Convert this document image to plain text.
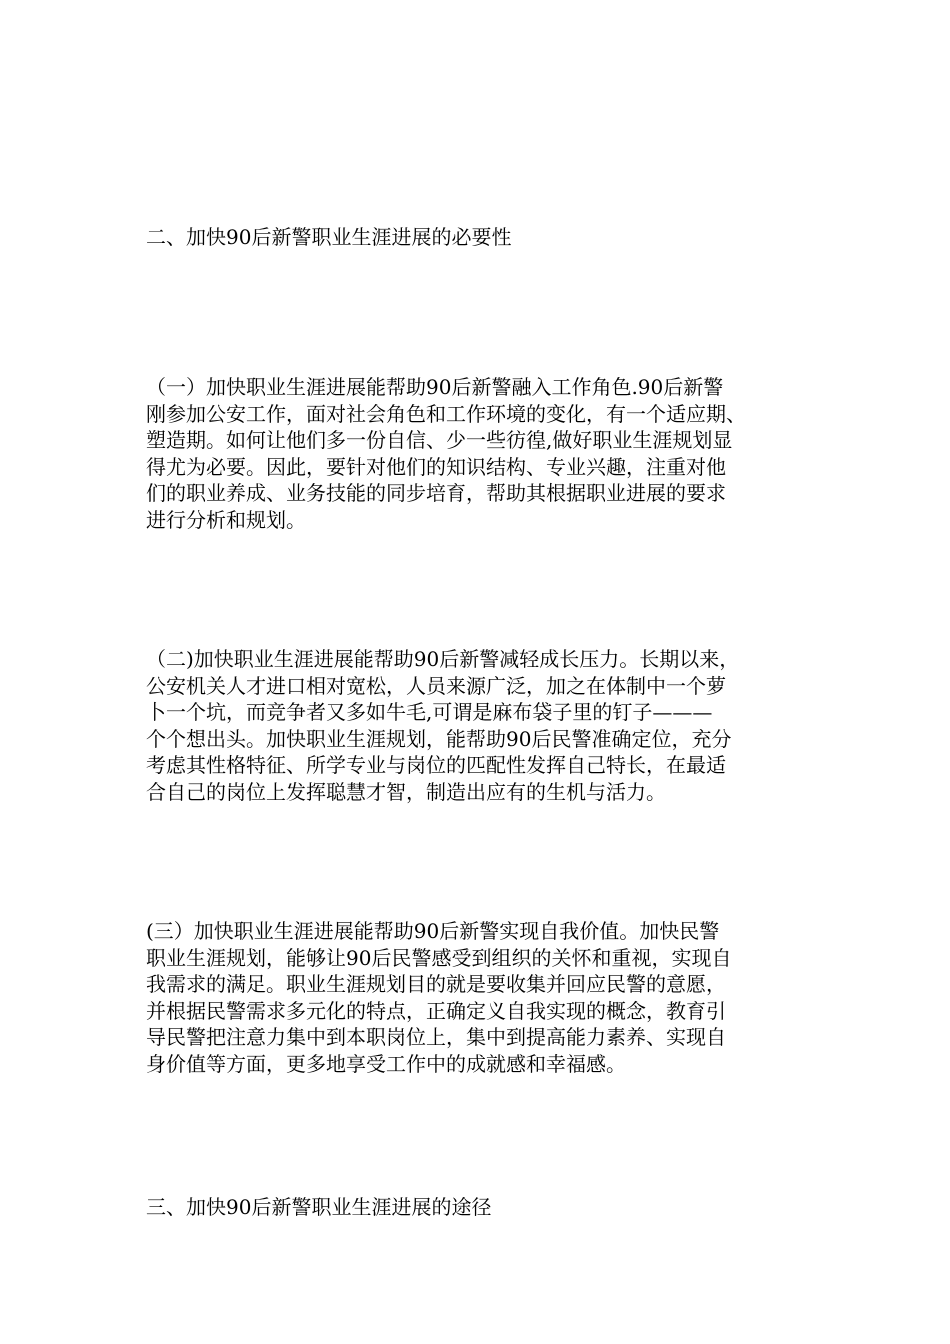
二、加快90后新警职业生涯进展的必要性

（一）加快职业生涯进展能帮助90后新警融入工作角色.90后新警
刚参加公安工作，面对社会角色和工作环境的变化，有一个适应期、
塑造期。如何让他们多一份自信、少一些彷徨,做好职业生涯规划显
得尤为必要。因此，要针对他们的知识结构、专业兴趣，注重对他
们的职业养成、业务技能的同步培育，帮助其根据职业进展的要求
进行分析和规划。

（二)加快职业生涯进展能帮助90后新警减轻成长压力。长期以来，
公安机关人才进口相对宽松，人员来源广泛，加之在体制中一个萝
卜一个坑，而竞争者又多如牛毛,可谓是麻布袋子里的钉子———
个个想出头。加快职业生涯规划，能帮助90后民警准确定位，充分
考虑其性格特征、所学专业与岗位的匹配性发挥自己特长，在最适
合自己的岗位上发挥聪慧才智，制造出应有的生机与活力。

(三）加快职业生涯进展能帮助90后新警实现自我价值。加快民警
职业生涯规划，能够让90后民警感受到组织的关怀和重视，实现自
我需求的满足。职业生涯规划目的就是要收集并回应民警的意愿，
并根据民警需求多元化的特点，正确定义自我实现的概念，教育引
导民警把注意力集中到本职岗位上，集中到提高能力素养、实现自
身价值等方面，更多地享受工作中的成就感和幸福感。

三、加快90后新警职业生涯进展的途径
